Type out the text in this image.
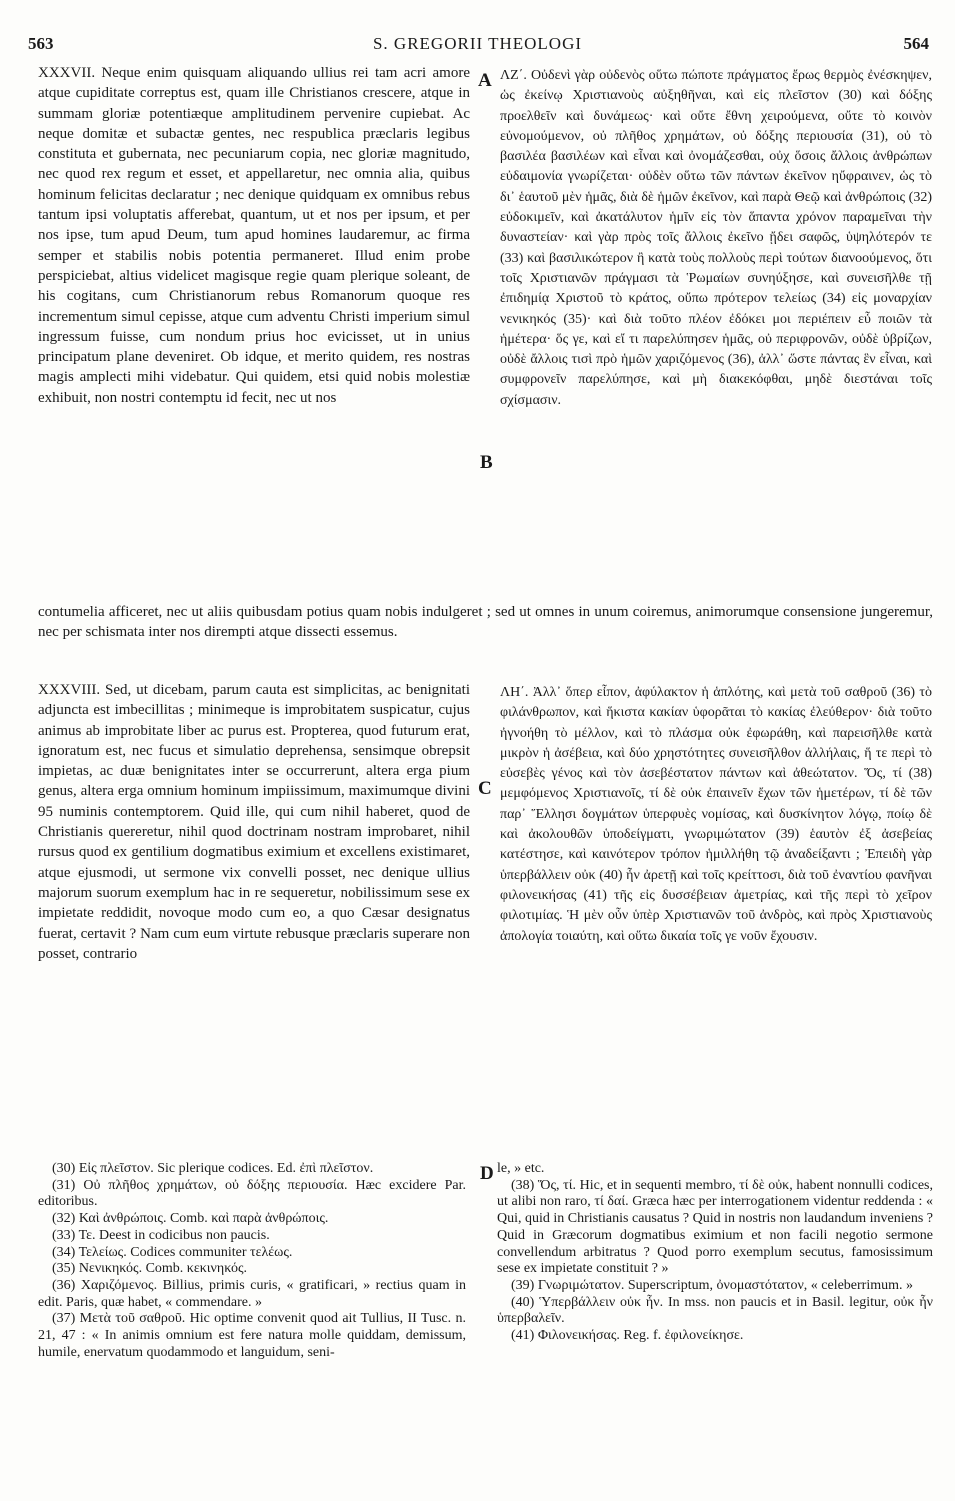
563	S. GREGORII THEOLOGI	564
XXXVII. Neque enim quisquam aliquando ullius rei tam acri amore atque cupiditate correptus est, quam ille Christianos crescere, atque in summam gloriæ potentiæque amplitudinem pervenire cupiebat. Ac neque domitæ et subactæ gentes, nec respublica præclaris legibus constituta et gubernata, nec pecuniarum copia, nec gloriæ magnitudo, nec quod rex regum et esset, et appellaretur, nec omnia alia, quibus hominum felicitas declaratur ; nec denique quidquam ex omnibus rebus tantum ipsi voluptatis afferebat, quantum, ut et nos per ipsum, et per nos ipse, tum apud Deum, tum apud homines laudaremur, ac firma semper et stabilis nobis potentia permaneret. Illud enim probe perspiciebat, altius videlicet magisque regie quam plerique soleant, de his cogitans, cum Christianorum rebus Romanorum quoque res incrementum simul cepisse, atque cum adventu Christi imperium simul ingressum fuisse, cum nondum prius hoc evicisset, ut in unius principatum plane deveniret. Ob idque, et merito quidem, res nostras magis amplecti mihi videbatur. Qui quidem, etsi quid nobis molestiæ exhibuit, non nostri contemptu id fecit, nec ut nos
ΛΖ΄. Οὐδενὶ γὰρ οὐδενὸς οὕτω πώποτε πράγματος ἔρως θερμὸς ἐνέσκηψεν, ὡς ἐκείνῳ Χριστιανοὺς αὐξηθῆναι, καὶ εἰς πλεῖστον (30) καὶ δόξης προελθεῖν καὶ δυνάμεως· καὶ οὔτε ἔθνη χειρούμενα, οὔτε τὸ κοινὸν εὐνομούμενον, οὐ πλῆθος χρημάτων, οὐ δόξης περιουσία (31), οὐ τὸ βασιλέα βασιλέων καὶ εἶναι καὶ ὀνομάζεσθαι, οὐχ ὅσοις ἄλλοις ἀνθρώπων εὐδαιμονία γνωρίζεται· οὐδὲν οὕτω τῶν πάντων ἐκεῖνον ηὔφραινεν, ὡς τὸ δι᾽ ἑαυτοῦ μὲν ἡμᾶς, διὰ δὲ ἡμῶν ἐκεῖνον, καὶ παρὰ Θεῷ καὶ ἀνθρώποις (32) εὐδοκιμεῖν, καὶ ἀκατάλυτον ἡμῖν εἰς τὸν ἅπαντα χρόνον παραμεῖναι τὴν δυναστείαν· καὶ γὰρ πρὸς τοῖς ἄλλοις ἐκεῖνο ᾔδει σαφῶς, ὑψηλότερόν τε (33) καὶ βασιλικώτερον ἢ κατὰ τοὺς πολλοὺς περὶ τούτων διανοούμενος, ὅτι τοῖς Χριστιανῶν πράγμασι τὰ Ῥωμαίων συνηύξησε, καὶ συνεισῆλθε τῇ ἐπιδημίᾳ Χριστοῦ τὸ κράτος, οὔπω πρότερον τελείως (34) εἰς μοναρχίαν νενικηκός (35)· καὶ διὰ τοῦτο πλέον ἐδόκει μοι περιέπειν εὖ ποιῶν τὰ ἡμέτερα· ὅς γε, καὶ εἴ τι παρελύπησεν ἡμᾶς, οὐ περιφρονῶν, οὐδὲ ὑβρίζων, οὐδὲ ἄλλοις τισὶ πρὸ ἡμῶν χαριζόμενος (36), ἀλλ᾽ ὥστε πάντας ἓν εἶναι, καὶ συμφρονεῖν παρελύπησε, καὶ μὴ διακεκόφθαι, μηδὲ διεστάναι τοῖς σχίσμασιν.
A
B
contumelia afficeret, nec ut aliis quibusdam potius quam nobis indulgeret ; sed ut omnes in unum coiremus, animorumque consensione jungeremur, nec per schismata inter nos dirempti atque dissecti essemus.
XXXVIII. Sed, ut dicebam, parum cauta est simplicitas, ac benignitati adjuncta est imbecillitas ; minimeque is improbitatem suspicatur, cujus animus ab improbitate liber ac purus est. Propterea, quod futurum erat, ignoratum est, nec fucus et simulatio deprehensa, sensimque obrepsit impietas, ac duæ benignitates inter se occurrerunt, altera erga pium genus, altera erga omnium hominum impiissimum, maximumque divini 95 numinis contemptorem. Quid ille, qui cum nihil haberet, quod de Christianis quereretur, nihil quod doctrinam nostram improbaret, nihil rursus quod ex gentilium dogmatibus eximium et excellens existimaret, atque ejusmodi, ut sermone vix convelli posset, nec denique ullius majorum suorum exemplum hac in re sequeretur, nobilissimum sese ex impietate reddidit, novoque modo cum eo, a quo Cæsar designatus fuerat, certavit ? Nam cum eum virtute rebusque præclaris superare non posset, contrario
ΛΗ΄. Ἀλλ᾽ ὅπερ εἶπον, ἀφύλακτον ἡ ἁπλότης, καὶ μετὰ τοῦ σαθροῦ (36) τὸ φιλάνθρωπον, καὶ ἥκιστα κακίαν ὑφορᾶται τὸ κακίας ἐλεύθερον· διὰ τοῦτο ἠγνοήθη τὸ μέλλον, καὶ τὸ πλάσμα οὐκ ἐφωράθη, καὶ παρεισῆλθε κατὰ μικρὸν ἡ ἀσέβεια, καὶ δύο χρηστότητες συνεισῆλθον ἀλλήλαις, ἥ τε περὶ τὸ εὐσεβὲς γένος καὶ τὸν ἀσεβέστατον πάντων καὶ ἀθεώτατον. Ὅς, τί (38) μεμφόμενος Χριστιανοῖς, τί δὲ οὐκ ἐπαινεῖν ἔχων τῶν ἡμετέρων, τί δὲ τῶν παρ᾽ Ἕλλησι δογμάτων ὑπερφυὲς νομίσας, καὶ δυσκίνητον λόγῳ, ποίῳ δὲ καὶ ἀκολουθῶν ὑποδείγματι, γνωριμώτατον (39) ἑαυτὸν ἐξ ἀσεβείας κατέστησε, καὶ καινότερον τρόπον ἡμιλλήθη τῷ ἀναδείξαντι ; Ἐπειδὴ γὰρ ὑπερβάλλειν οὐκ (40) ἦν ἀρετῇ καὶ τοῖς κρείττοσι, διὰ τοῦ ἐναντίου φανῆναι φιλονεικήσας (41) τῆς εἰς δυσσέβειαν ἀμετρίας, καὶ τῆς περὶ τὸ χεῖρον φιλοτιμίας. Ἡ μὲν οὖν ὑπὲρ Χριστιανῶν τοῦ ἀνδρὸς, καὶ πρὸς Χριστιανοὺς ἀπολογία τοιαύτη, καὶ οὕτω δικαία τοῖς γε νοῦν ἔχουσιν.
C
D

(30) Εἰς πλεῖστον. Sic plerique codices. Ed. ἐπὶ πλεῖστον.

(31) Οὐ πλῆθος χρημάτων, οὐ δόξης περιουσία. Hæc excidere Par. editoribus.

(32) Καὶ ἀνθρώποις. Comb. καὶ παρὰ ἀνθρώποις.

(33) Τε. Deest in codicibus non paucis.

(34) Τελείως. Codices communiter τελέως.

(35) Νενικηκός. Comb. κεκινηκός.

(36) Χαριζόμενος. Billius, primis curis, « gratificari, » rectius quam in edit. Paris, quæ habet, « commendare. »

(37) Μετὰ τοῦ σαθροῦ. Hic optime convenit quod ait Tullius, II Tusc. n. 21, 47 : « In animis omnium est fere natura molle quiddam, demissum, humile, enervatum quodammodo et languidum, seni-

le, » etc.

(38) Ὅς, τί. Hic, et in sequenti membro, τί δὲ οὐκ, habent nonnulli codices, ut alibi non raro, τί δαί. Græca hæc per interrogationem videntur reddenda : « Qui, quid in Christianis causatus ? Quid in nostris non laudandum inveniens ? Quid in Græcorum dogmatibus eximium et non facili negotio sermone convellendum arbitratus ? Quod porro exemplum secutus, famosissimum sese ex impietate constituit ? »

(39) Γνωριμώτατον. Superscriptum, ὀνομαστότατον, « celeberrimum. »

(40) Ὑπερβάλλειν οὐκ ἦν. In mss. non paucis et in Basil. legitur, οὐκ ἦν ὑπερβαλεῖν.

(41) Φιλονεικήσας. Reg. f. ἐφιλονείκησε.
